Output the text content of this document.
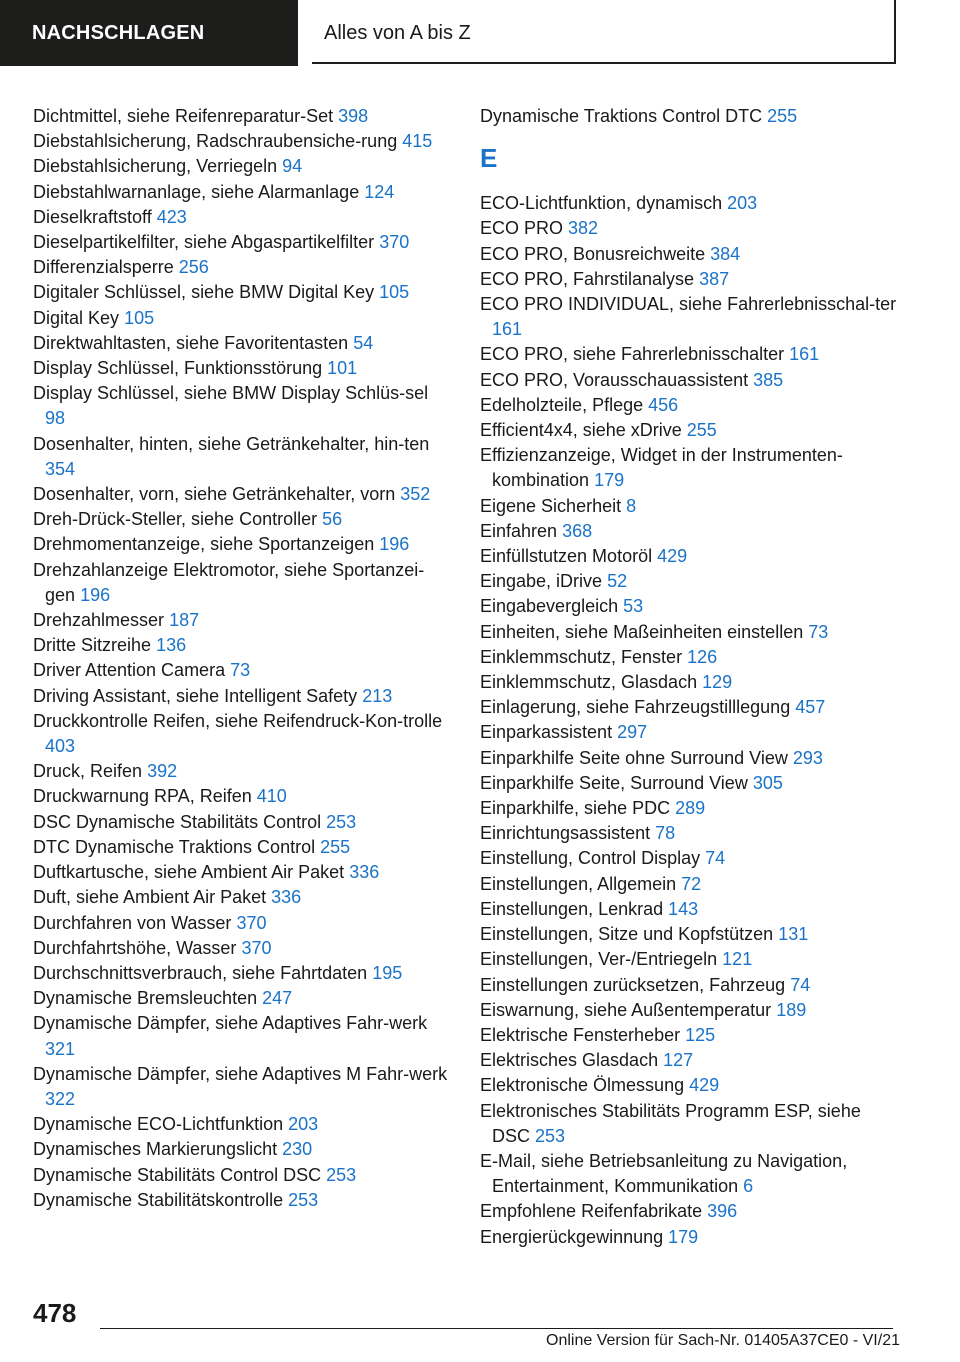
NACHSCHLAGEN	Alles von A bis Z
Dichtmittel, siehe Reifenreparatur-Set 398
Diebstahlsicherung, Radschraubensiche-rung 415
Diebstahlsicherung, Verriegeln 94
Diebstahlwarnanlage, siehe Alarmanlage 124
Dieselkraftstoff 423
Dieselpartikelfilter, siehe Abgaspartikelfilter 370
Differenzialsperre 256
Digitaler Schlüssel, siehe BMW Digital Key 105
Digital Key 105
Direktwahltasten, siehe Favoritentasten 54
Display Schlüssel, Funktionsstörung 101
Display Schlüssel, siehe BMW Display Schlüs-sel 98
Dosenhalter, hinten, siehe Getränkehalter, hin-ten 354
Dosenhalter, vorn, siehe Getränkehalter, vorn 352
Dreh-Drück-Steller, siehe Controller 56
Drehmomentanzeige, siehe Sportanzeigen 196
Drehzahlanzeige Elektromotor, siehe Sportanzei-gen 196
Drehzahlmesser 187
Dritte Sitzreihe 136
Driver Attention Camera 73
Driving Assistant, siehe Intelligent Safety 213
Druckkontrolle Reifen, siehe Reifendruck-Kon-trolle 403
Druck, Reifen 392
Druckwarnung RPA, Reifen 410
DSC Dynamische Stabilitäts Control 253
DTC Dynamische Traktions Control 255
Duftkartusche, siehe Ambient Air Paket 336
Duft, siehe Ambient Air Paket 336
Durchfahren von Wasser 370
Durchfahrtshöhe, Wasser 370
Durchschnittsverbrauch, siehe Fahrtdaten 195
Dynamische Bremsleuchten 247
Dynamische Dämpfer, siehe Adaptives Fahr-werk 321
Dynamische Dämpfer, siehe Adaptives M Fahr-werk 322
Dynamische ECO-Lichtfunktion 203
Dynamisches Markierungslicht 230
Dynamische Stabilitäts Control DSC 253
Dynamische Stabilitätskontrolle 253
Dynamische Traktions Control DTC 255
E
ECO-Lichtfunktion, dynamisch 203
ECO PRO 382
ECO PRO, Bonusreichweite 384
ECO PRO, Fahrstilanalyse 387
ECO PRO INDIVIDUAL, siehe Fahrerlebnisschal-ter 161
ECO PRO, siehe Fahrerlebnisschalter 161
ECO PRO, Vorausschauassistent 385
Edelholzteile, Pflege 456
Efficient4x4, siehe xDrive 255
Effizienzanzeige, Widget in der Instrumenten-kombination 179
Eigene Sicherheit 8
Einfahren 368
Einfüllstutzen Motoröl 429
Eingabe, iDrive 52
Eingabevergleich 53
Einheiten, siehe Maßeinheiten einstellen 73
Einklemmschutz, Fenster 126
Einklemmschutz, Glasdach 129
Einlagerung, siehe Fahrzeugstilllegung 457
Einparkassistent 297
Einparkhilfe Seite ohne Surround View 293
Einparkhilfe Seite, Surround View 305
Einparkhilfe, siehe PDC 289
Einrichtungsassistent 78
Einstellung, Control Display 74
Einstellungen, Allgemein 72
Einstellungen, Lenkrad 143
Einstellungen, Sitze und Kopfstützen 131
Einstellungen, Ver-/Entriegeln 121
Einstellungen zurücksetzen, Fahrzeug 74
Eiswarnung, siehe Außentemperatur 189
Elektrische Fensterheber 125
Elektrisches Glasdach 127
Elektronische Ölmessung 429
Elektronisches Stabilitäts Programm ESP, siehe DSC 253
E-Mail, siehe Betriebsanleitung zu Navigation, Entertainment, Kommunikation 6
Empfohlene Reifenfabrikate 396
Energierückgewinnung 179
478
Online Version für Sach-Nr. 01405A37CE0 - VI/21
